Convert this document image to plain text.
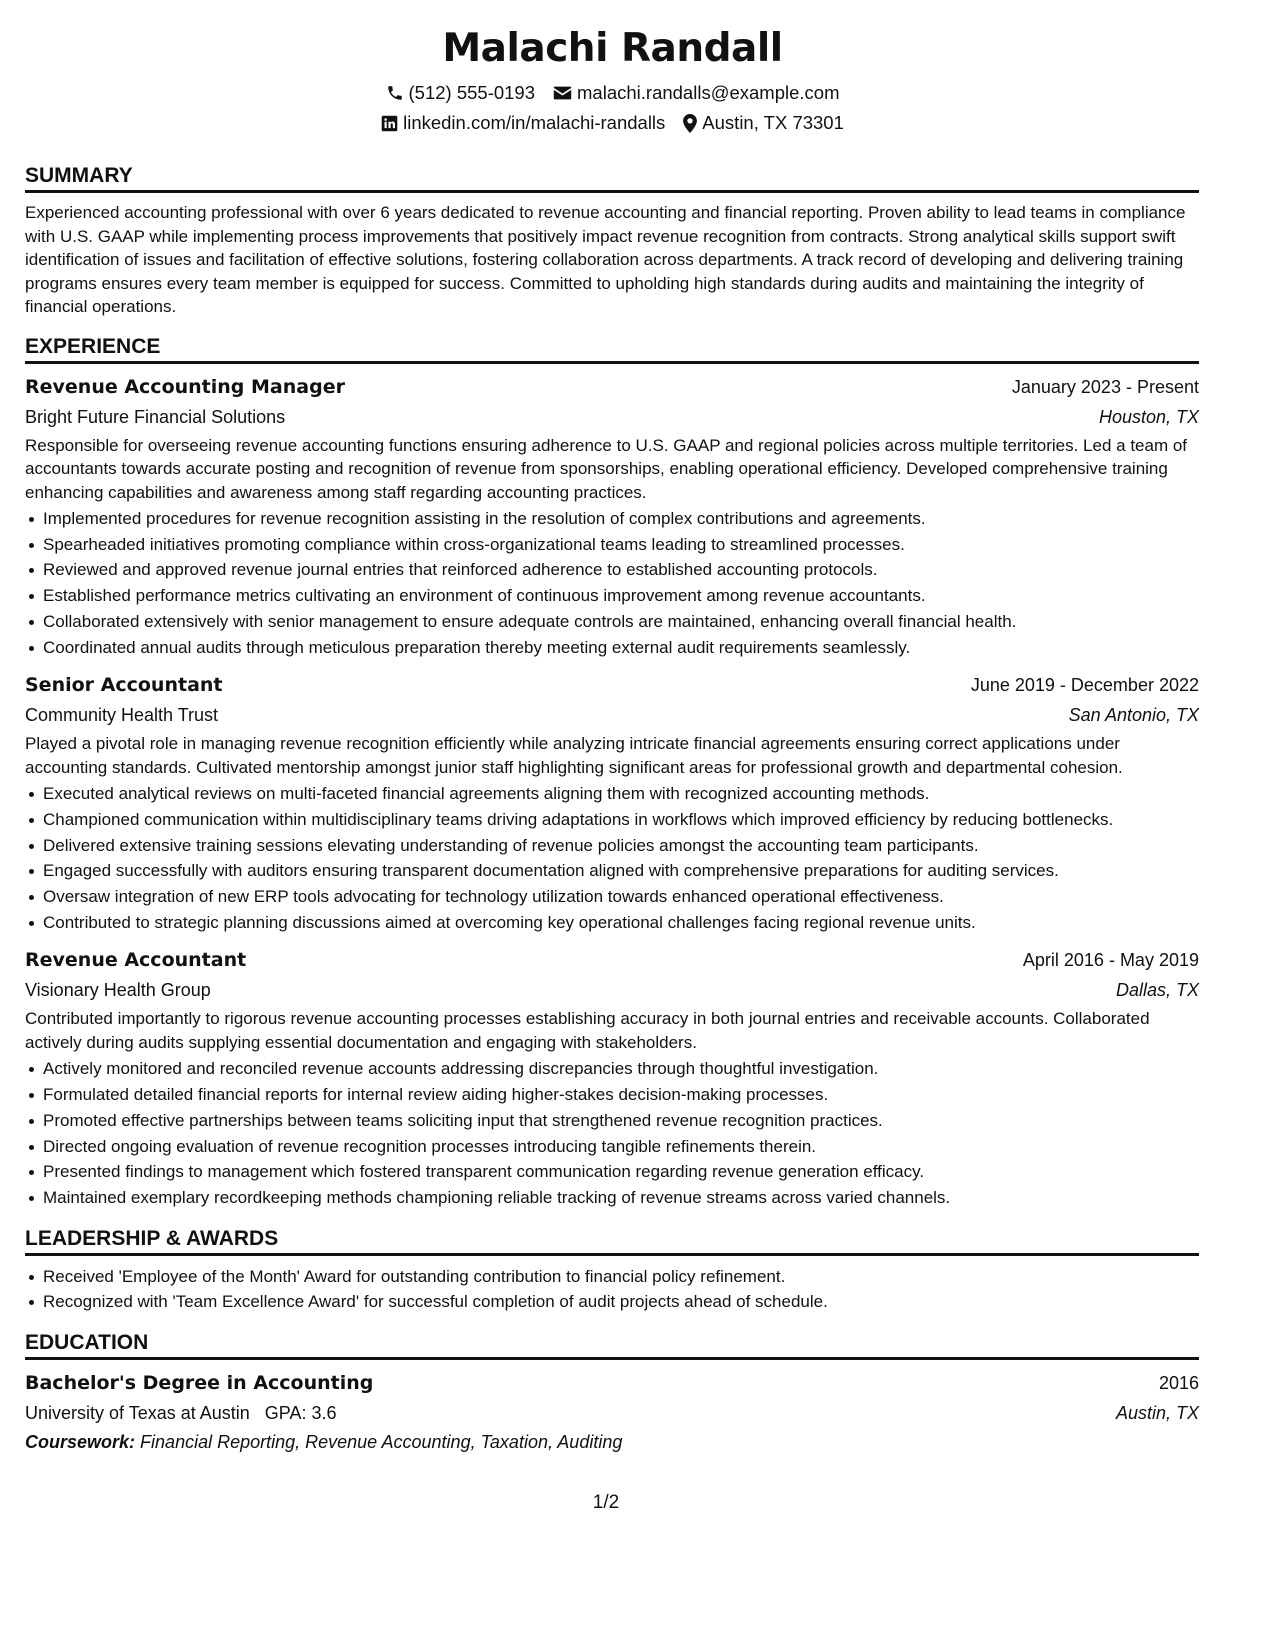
Malachi Randall
(512) 555-0193 malachi.randalls@example.com
linkedin.com/in/malachi-randalls Austin, TX 73301
SUMMARY

Experienced accounting professional with over 6 years dedicated to revenue accounting and financial reporting. Proven ability to lead teams in compliance with U.S. GAAP while implementing process improvements that positively impact revenue recognition from contracts. Strong analytical skills support swift identification of issues and facilitation of effective solutions, fostering collaboration across departments. A track record of developing and delivering training programs ensures every team member is equipped for success. Committed to upholding high standards during audits and maintaining the integrity of financial operations.

EXPERIENCE
Revenue Accounting Manager	January 2023 - Present
Bright Future Financial Solutions	Houston, TX

Responsible for overseeing revenue accounting functions ensuring adherence to U.S. GAAP and regional policies across multiple territories. Led a team of accountants towards accurate posting and recognition of revenue from sponsorships, enabling operational efficiency. Developed comprehensive training enhancing capabilities and awareness among staff regarding accounting practices.

Implemented procedures for revenue recognition assisting in the resolution of complex contributions and agreements.
Spearheaded initiatives promoting compliance within cross-organizational teams leading to streamlined processes.
Reviewed and approved revenue journal entries that reinforced adherence to established accounting protocols.
Established performance metrics cultivating an environment of continuous improvement among revenue accountants.
Collaborated extensively with senior management to ensure adequate controls are maintained, enhancing overall financial health.
Coordinated annual audits through meticulous preparation thereby meeting external audit requirements seamlessly.
Senior Accountant	June 2019 - December 2022
Community Health Trust	San Antonio, TX

Played a pivotal role in managing revenue recognition efficiently while analyzing intricate financial agreements ensuring correct applications under accounting standards. Cultivated mentorship amongst junior staff highlighting significant areas for professional growth and departmental cohesion.

Executed analytical reviews on multi-faceted financial agreements aligning them with recognized accounting methods.
Championed communication within multidisciplinary teams driving adaptations in workflows which improved efficiency by reducing bottlenecks.
Delivered extensive training sessions elevating understanding of revenue policies amongst the accounting team participants.
Engaged successfully with auditors ensuring transparent documentation aligned with comprehensive preparations for auditing services.
Oversaw integration of new ERP tools advocating for technology utilization towards enhanced operational effectiveness.
Contributed to strategic planning discussions aimed at overcoming key operational challenges facing regional revenue units.
Revenue Accountant	April 2016 - May 2019
Visionary Health Group	Dallas, TX

Contributed importantly to rigorous revenue accounting processes establishing accuracy in both journal entries and receivable accounts. Collaborated actively during audits supplying essential documentation and engaging with stakeholders.

Actively monitored and reconciled revenue accounts addressing discrepancies through thoughtful investigation.
Formulated detailed financial reports for internal review aiding higher-stakes decision-making processes.
Promoted effective partnerships between teams soliciting input that strengthened revenue recognition practices.
Directed ongoing evaluation of revenue recognition processes introducing tangible refinements therein.
Presented findings to management which fostered transparent communication regarding revenue generation efficacy.
Maintained exemplary recordkeeping methods championing reliable tracking of revenue streams across varied channels.
LEADERSHIP & AWARDS
Received 'Employee of the Month' Award for outstanding contribution to financial policy refinement.
Recognized with 'Team Excellence Award' for successful completion of audit projects ahead of schedule.
EDUCATION
Bachelor's Degree in Accounting	2016
University of Texas at Austin GPA: 3.6	Austin, TX
Coursework: Financial Reporting, Revenue Accounting, Taxation, Auditing
1/2
